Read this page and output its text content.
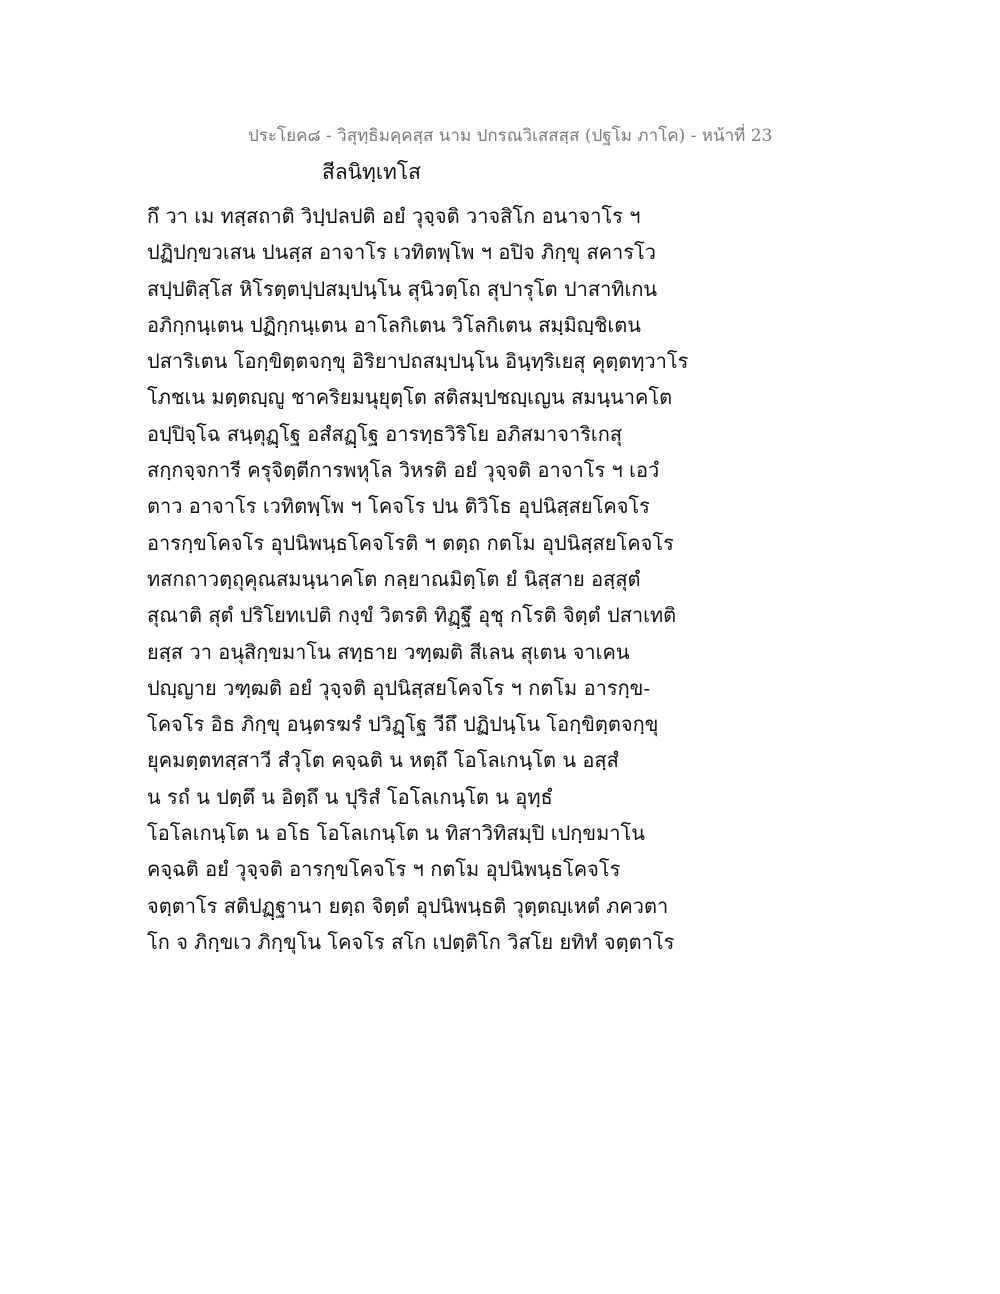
ประโยค๘ - วิสุทฺธิมคฺคสฺส นาม ปกรณวิเสสสฺส (ปฐโม ภาโค) - หน้าที่ 23
สีลนิทฺเทโส
กึ วา เม ทสฺสถาติ วิปฺปลปติ อยํ วุจฺจติ วาจสิโก อนาจาโร ฯ
ปฏิปกฺขวเสน ปนสฺส อาจาโร เวทิตพฺโพ ฯ อปิจ ภิกฺขุ สคารโว
สปฺปติสฺโส หิโรตฺตปฺปสมฺปนฺโน สุนิวตฺโถ สุปารุโต ปาสาทิเกน
อภิกฺกนฺเตน ปฏิกฺกนฺเตน อาโลกิเตน วิโลกิเตน สมฺมิญฺชิเตน
ปสาริเตน โอกฺขิตฺตจกฺขุ อิริยาปถสมฺปนฺโน อินฺทฺริเยสุ คุตฺตทฺวาโร
โภชเน มตฺตญฺญู ชาคริยมนุยุตฺโต สติสมฺปชญฺเญน สมนฺนาคโต
อปฺปิจฺโฉ สนฺตุฏฺโฐ อสํสฏฺโฐ อารทฺธวิริโย อภิสมาจาริเกสุ
สกฺกจฺจการี ครุจิตฺตีการพหุโล วิหรติ อยํ วุจฺจติ อาจาโร ฯ เอวํ
ตาว อาจาโร เวทิตพฺโพ ฯ โคจโร ปน ติวิโธ อุปนิสฺสยโคจโร
อารกฺขโคจโร อุปนิพนฺธโคจโรติ ฯ ตตฺถ กตโม อุปนิสฺสยโคจโร
ทสกถาวตฺถุคุณสมนฺนาคโต กลฺยาณมิตฺโต ยํ นิสฺสาย อสฺสุตํ
สุณาติ สุตํ ปริโยทเปติ กงฺขํ วิตรติ ทิฏฺฐึ อุชุ กโรติ จิตฺตํ ปสาเทติ
ยสฺส วา อนุสิกฺขมาโน สทฺธาย วฑฺฒติ สีเลน สุเตน จาเคน
ปญฺญาย วฑฺฒติ อยํ วุจฺจติ อุปนิสฺสยโคจโร ฯ กตโม อารกฺข-
โคจโร อิธ ภิกฺขุ อนฺตรฆรํ ปวิฏฺโฐ วีถึ ปฏิปนฺโน โอกฺขิตฺตจกฺขุ
ยุคมตฺตทสฺสาวี สํวุโต คจฺฉติ น หตฺถึ โอโลเกนฺโต น อสฺสํ
น รถํ น ปตฺตึ น อิตฺถึ น ปุริสํ โอโลเกนฺโต น อุทฺธํ
โอโลเกนฺโต น อโธ โอโลเกนฺโต น ทิสาวิทิสมฺปิ เปกฺขมาโน
คจฺฉติ อยํ วุจฺจติ อารกฺขโคจโร ฯ กตโม อุปนิพนฺธโคจโร
จตฺตาโร สติปฏฺฐานา ยตฺถ จิตฺตํ อุปนิพนฺธติ วุตฺตญฺเหตํ ภควตา
โก จ ภิกฺขเว ภิกฺขุโน โคจโร สโก เปตฺติโก วิสโย ยทิทํ จตฺตาโร
